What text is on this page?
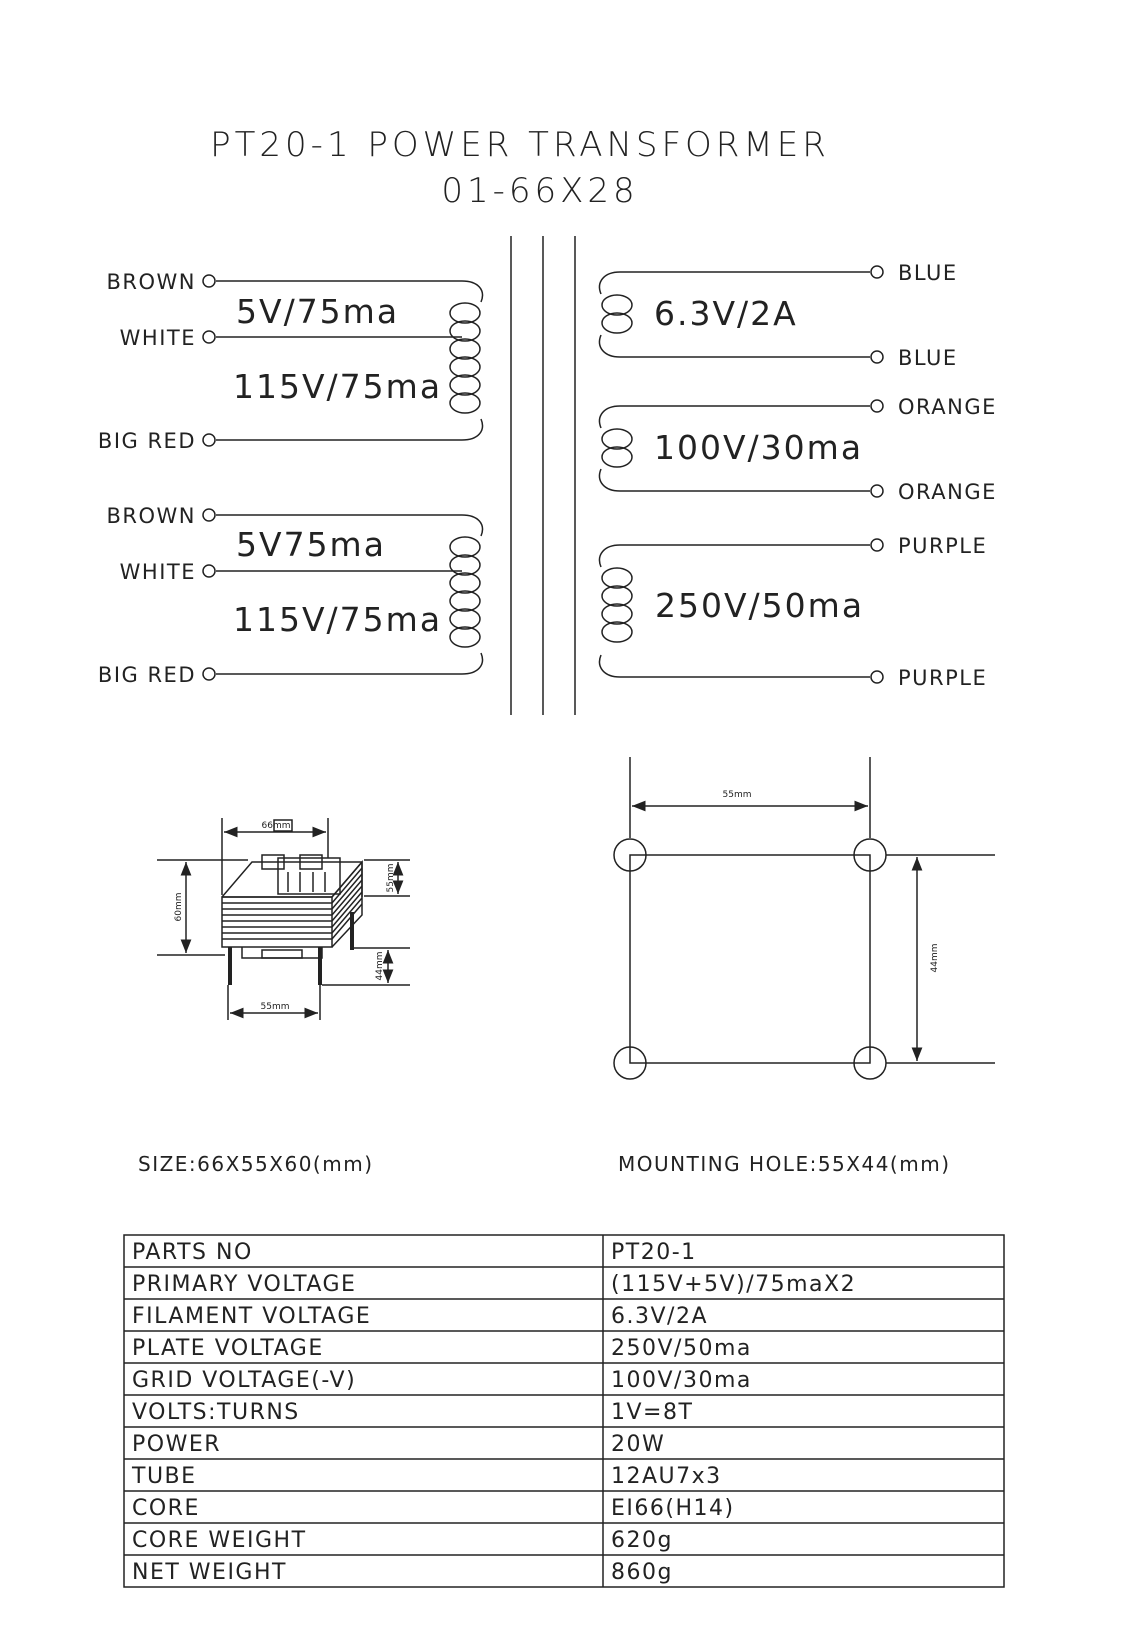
PT20-1 POWER TRANSFORMER
01-66X28
BROWN
WHITE
BIG RED
5V/75ma
115V/75ma
BROWN
WHITE
BIG RED
5V75ma
115V/75ma
BLUE
BLUE
6.3V/2A
ORANGE
ORANGE
100V/30ma
PURPLE
PURPLE
250V/50ma
66mm
60mm
55mm
44mm
55mm
55mm
44mm
SIZE:66X55X60(mm)	MOUNTING HOLE:55X44(mm)
PARTS NO	PT20-1
PRIMARY VOLTAGE	(115V+5V)/75maX2
FILAMENT VOLTAGE	6.3V/2A
PLATE VOLTAGE	250V/50ma
GRID VOLTAGE(-V)	100V/30ma
VOLTS:TURNS	1V=8T
POWER	20W
TUBE	12AU7x3
CORE	EI66(H14)
CORE WEIGHT	620g
NET WEIGHT	860g
